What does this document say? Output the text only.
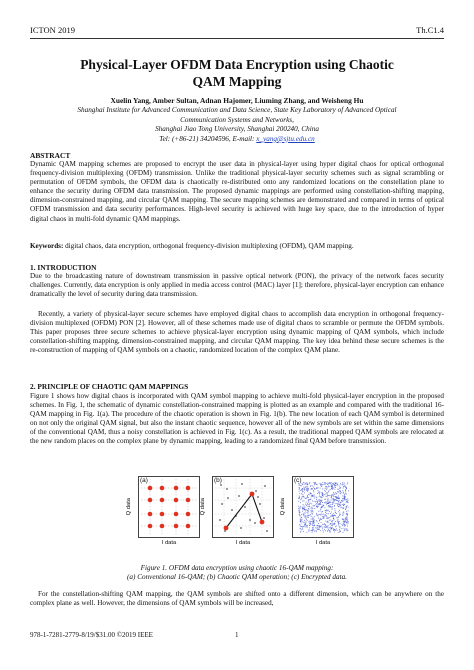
ICTON 2019	Th.C1.4
Physical-Layer OFDM Data Encryption using Chaotic
QAM Mapping
Xuelin Yang, Amber Sultan, Adnan Hajomer, Liuming Zhang, and Weisheng Hu
Shanghai Institute for Advanced Communication and Data Science, State Key Laboratory of Advanced Optical
Communication Systems and Networks,
Shanghai Jiao Tong University, Shanghai 200240, China
Tel: (+86-21) 34204596, E-mail: x_yang@sjtu.edu.cn
ABSTRACT
Dynamic QAM mapping schemes are proposed to encrypt the user data in physical-layer using hyper digital chaos for optical orthogonal frequency-division multiplexing (OFDM) transmission. Unlike the traditional physical-layer security schemes such as signal scrambling or permutation of OFDM symbols, the OFDM data is chaotically re-distributed onto any randomized locations on the constellation plane to enhance the security during OFDM data transmission. The proposed dynamic mappings are performed using constellation-shifting mapping, dimension-constrained mapping, and circular QAM mapping. The secure mapping schemes are demonstrated and compared in terms of optical OFDM transmission and data security performances. High-level security is achieved with huge key space, due to the introduction of hyper digital chaos in multi-fold dynamic QAM mappings.
Keywords: digital chaos, data encryption, orthogonal frequency-division multiplexing (OFDM), QAM mapping.
1. INTRODUCTION
Due to the broadcasting nature of downstream transmission in passive optical network (PON), the privacy of the network faces security challenges. Currently, data encryption is only applied in media access control (MAC) layer [1]; therefore, physical-layer encryption can enhance dramatically the level of security during data transmission.
Recently, a variety of physical-layer secure schemes have employed digital chaos to accomplish data encryption in orthogonal frequency-division multiplexed (OFDM) PON [2]. However, all of these schemes made use of digital chaos to scramble or permute the OFDM symbols. This paper proposes three secure schemes to achieve physical-layer encryption using dynamic mapping of QAM symbols, which include constellation-shifting mapping, dimension-constrained mapping, and circular QAM mapping. The key idea behind these secure schemes is the re-construction of mapping of QAM symbols on a chaotic, randomized location of the complex QAM plane.
2. PRINCIPLE OF CHAOTIC QAM MAPPINGS
Figure 1 shows how digital chaos is incorporated with QAM symbol mapping to achieve multi-fold physical-layer encryption in the proposed schemes. In Fig. 1, the schematic of dynamic constellation-constrained mapping is plotted as an example and compared with the traditional 16-QAM mapping in Fig. 1(a). The procedure of the chaotic operation is shown in Fig. 1(b). The new location of each QAM symbol is determined on not only the original QAM signal, but also the instant chaotic sequence, however all of the new symbols are set within the same dimensions of the conventional QAM, thus a noisy constellation is achieved in Fig. 1(c). As a result, the traditional mapped QAM symbols are relocated at the new random places on the complex plane by dynamic mapping, leading to a randomized final QAM before transmission.
(a)
Q data
I data
(b)
Q data
I data
(c)
Q data
I data
Figure 1. OFDM data encryption using chaotic 16-QAM mapping:
(a) Conventional 16-QAM; (b) Chaotic QAM operation; (c) Encrypted data.
For the constellation-shifting QAM mapping, the QAM symbols are shifted onto a different dimension, which can be anywhere on the complex plane as well. However, the dimensions of QAM symbols will be increased,
978-1-7281-2779-8/19/$31.00 ©2019 IEEE	1
